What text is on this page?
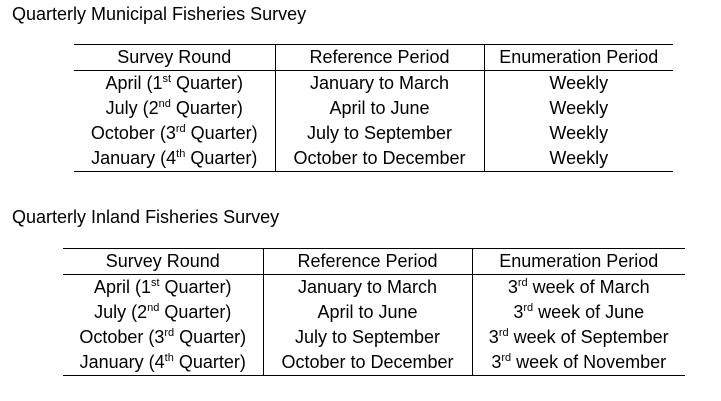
Quarterly Municipal Fisheries Survey
Survey Round	Reference Period	Enumeration Period
April (1st Quarter)	January to March	Weekly
July (2nd Quarter)	April to June	Weekly
October (3rd Quarter)	July to September	Weekly
January (4th Quarter)	October to December	Weekly
Quarterly Inland Fisheries Survey
Survey Round	Reference Period	Enumeration Period
April (1st Quarter)	January to March	3rd week of March
July (2nd Quarter)	April to June	3rd week of June
October (3rd Quarter)	July to September	3rd week of September
January (4th Quarter)	October to December	3rd week of November
